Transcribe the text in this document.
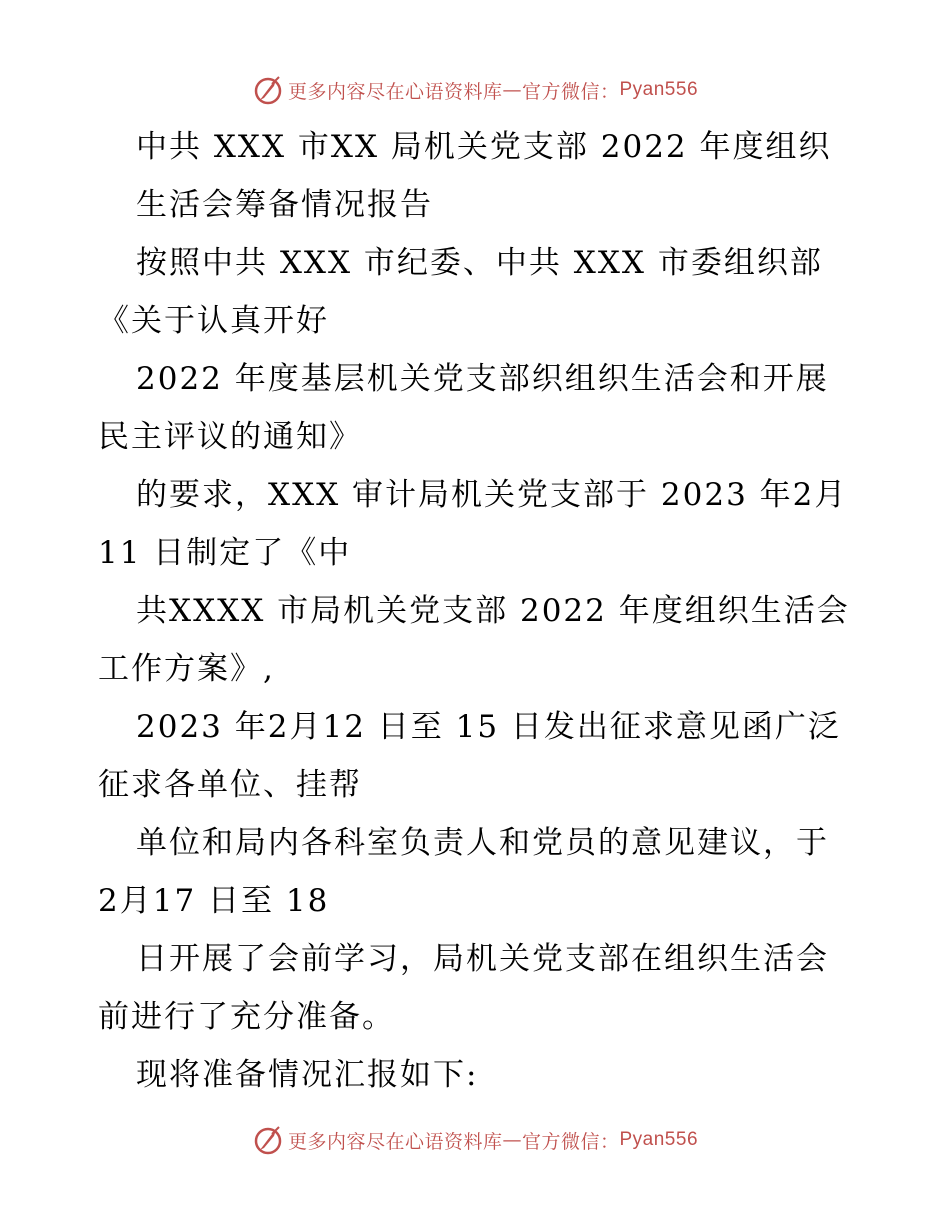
更多内容尽在心语资料库 — 官方微信： Pyan556
中共 XXX 市XX 局机关党支部 2022 年度组织
生活会筹备情况报告
按照中共 XXX 市纪委、中共 XXX 市委组织部
《关于认真开好
2022 年度基层机关党支部织组织生活会和开展
民主评议的通知》
的要求，XXX 审计局机关党支部于 2023 年2月
11 日制定了《中
共XXXX 市局机关党支部 2022 年度组织生活会
工作方案》,
2023 年2月12 日至 15 日发出征求意见函广泛
征求各单位、挂帮
单位和局内各科室负责人和党员的意见建议，于
2月17 日至 18
日开展了会前学习，局机关党支部在组织生活会
前进行了充分准备。
现将准备情况汇报如下:
更多内容尽在心语资料库 — 官方微信： Pyan556
